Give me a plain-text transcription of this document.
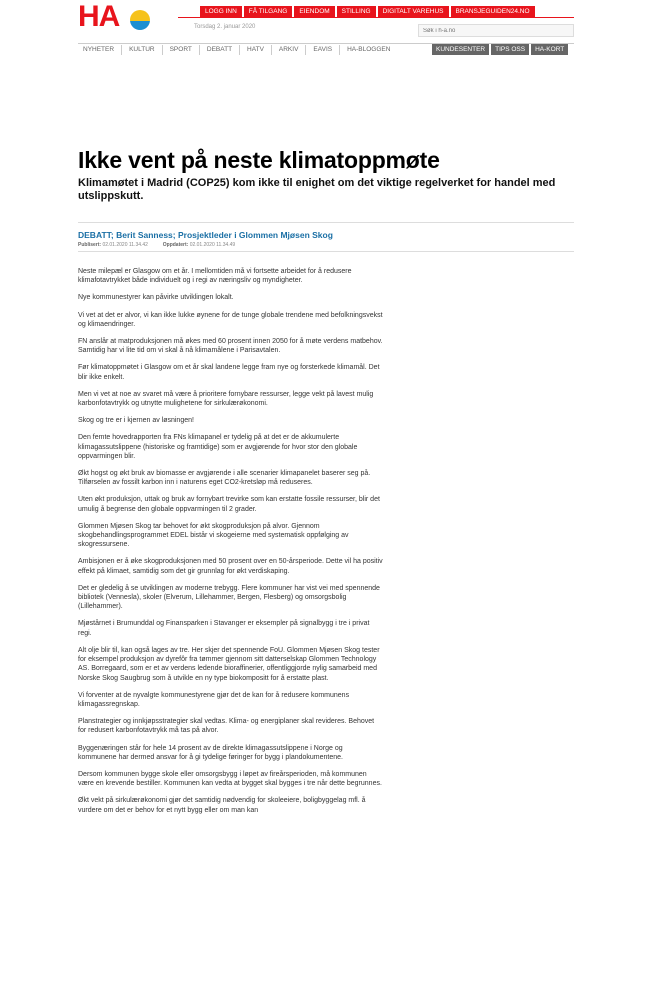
HA	LOGG INN	FÅ TILGANG	EIENDOM	STILLING	DIGITALT VAREHUS	BRANSJEGUIDEN24.NO
Torsdag 2. januar 2020
Søk i h-a.no
NYHETER	KULTUR	SPORT	DEBATT	HATV	ARKIV	EAVIS	HA-BLOGGEN	KUNDESENTER	TIPS OSS	HA-KORT
Ikke vent på neste klimatoppmøte
Klimamøtet i Madrid (COP25) kom ikke til enighet om det viktige regelverket for handel med utslippskutt.
DEBATT; Berit Sanness; Prosjektleder i Glommen Mjøsen Skog
Publisert: 02.01.2020 11.34.42	Oppdatert: 02.01.2020 11.34.49

Neste milepæl er Glasgow om et år. I mellomtiden må vi fortsette arbeidet for å redusere klimafotavtrykket både individuelt og i regi av næringsliv og myndigheter.

Nye kommunestyrer kan påvirke utviklingen lokalt.

Vi vet at det er alvor, vi kan ikke lukke øynene for de tunge globale trendene med befolkningsvekst og klimaendringer.

FN anslår at matproduksjonen må økes med 60 prosent innen 2050 for å møte verdens matbehov. Samtidig har vi lite tid om vi skal å nå klimamålene i Parisavtalen.

Før klimatoppmøtet i Glasgow om et år skal landene legge fram nye og forsterkede klimamål. Det blir ikke enkelt.

Men vi vet at noe av svaret må være å prioritere fornybare ressurser, legge vekt på lavest mulig karbonfotavtrykk og utnytte mulighetene for sirkulærøkonomi.

Skog og tre er i kjernen av løsningen!

Den femte hovedrapporten fra FNs klimapanel er tydelig på at det er de akkumulerte klimagassutslippene (historiske og framtidige) som er avgjørende for hvor stor den globale oppvarmingen blir.

Økt hogst og økt bruk av biomasse er avgjørende i alle scenarier klimapanelet baserer seg på. Tilførselen av fossilt karbon inn i naturens eget CO2-kretsløp må reduseres.

Uten økt produksjon, uttak og bruk av fornybart trevirke som kan erstatte fossile ressurser, blir det umulig å begrense den globale oppvarmingen til 2 grader.

Glommen Mjøsen Skog tar behovet for økt skogproduksjon på alvor. Gjennom skogbehandlingsprogrammet EDEL bistår vi skogeierne med systematisk oppfølging av skogressursene.

Ambisjonen er å øke skogproduksjonen med 50 prosent over en 50-årsperiode. Dette vil ha positiv effekt på klimaet, samtidig som det gir grunnlag for økt verdiskaping.

Det er gledelig å se utviklingen av moderne trebygg. Flere kommuner har vist vei med spennende bibliotek (Vennesla), skoler (Elverum, Lillehammer, Bergen, Flesberg) og omsorgsbolig (Lillehammer).

Mjøstårnet i Brumunddal og Finansparken i Stavanger er eksempler på signalbygg i tre i privat regi.

Alt olje blir til, kan også lages av tre. Her skjer det spennende FoU. Glommen Mjøsen Skog tester for eksempel produksjon av dyrefôr fra tømmer gjennom sitt datterselskap Glommen Technology AS. Borregaard, som er et av verdens ledende bioraffinerier, offentliggjorde nylig samarbeid med Norske Skog Saugbrug som å utvikle en ny type biokompositt for å erstatte plast.

Vi forventer at de nyvalgte kommunestyrene gjør det de kan for å redusere kommunens klimagassregnskap.

Planstrategier og innkjøpsstrategier skal vedtas. Klima- og energiplaner skal revideres. Behovet for redusert karbonfotavtrykk må tas på alvor.

Byggenæringen står for hele 14 prosent av de direkte klimagassutslippene i Norge og kommunene har dermed ansvar for å gi tydelige føringer for bygg i plandokumentene.

Dersom kommunen bygge skole eller omsorgsbygg i løpet av fireårsperioden, må kommunen være en krevende bestiller. Kommunen kan vedta at bygget skal bygges i tre når dette begrunnes.

Økt vekt på sirkulærøkonomi gjør det samtidig nødvendig for skoleeiere, boligbyggelag mfl. å vurdere om det er behov for et nytt bygg eller om man kan
